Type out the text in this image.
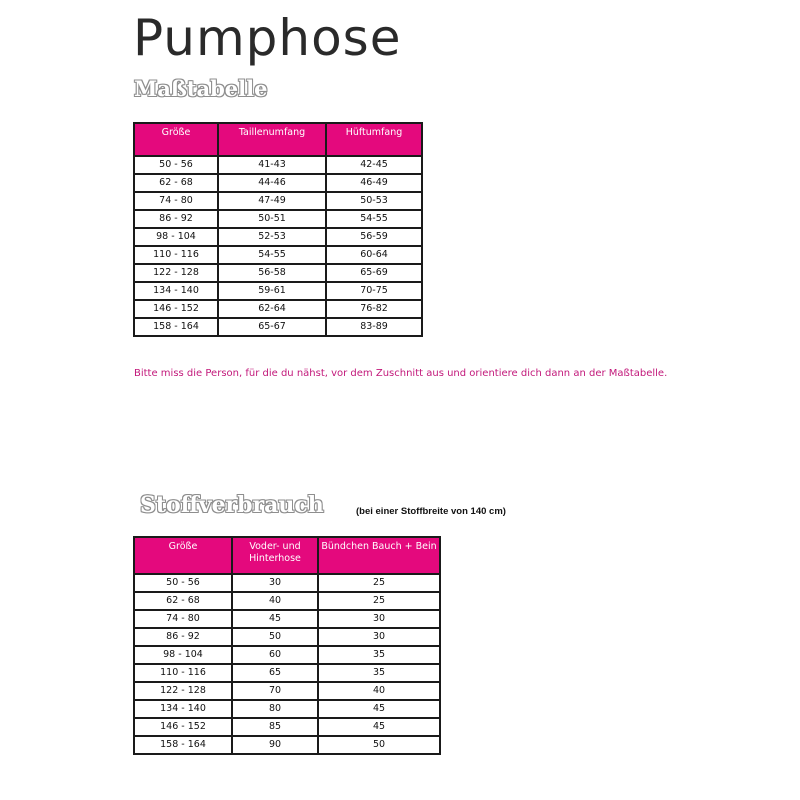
Pumphose
Maßtabelle
Größe	Taillenumfang	Hüftumfang
50 - 56	41-43	42-45
62 - 68	44-46	46-49
74 - 80	47-49	50-53
86 - 92	50-51	54-55
98 - 104	52-53	56-59
110 - 116	54-55	60-64
122 - 128	56-58	65-69
134 - 140	59-61	70-75
146 - 152	62-64	76-82
158 - 164	65-67	83-89
Bitte miss die Person, für die du nähst, vor dem Zuschnitt aus und orientiere dich dann an der Maßtabelle.
Stoffverbrauch	(bei einer Stoffbreite von 140 cm)
Größe	Voder- und Hinterhose	Bündchen Bauch + Bein
50 - 56	30	25
62 - 68	40	25
74 - 80	45	30
86 - 92	50	30
98 - 104	60	35
110 - 116	65	35
122 - 128	70	40
134 - 140	80	45
146 - 152	85	45
158 - 164	90	50
